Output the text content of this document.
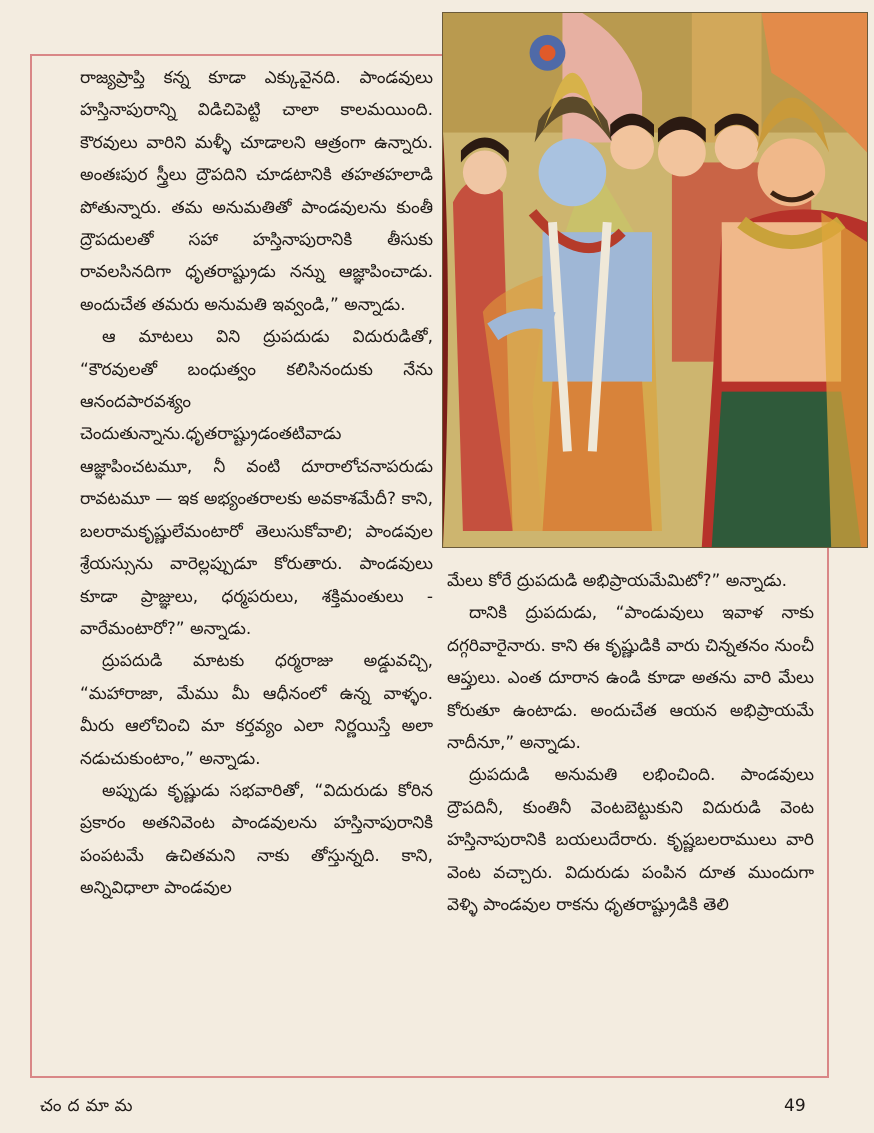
రాజ్యప్రాప్తి కన్న కూడా ఎక్కువైనది. పాండవులు హస్తినాపురాన్ని విడిచిపెట్టి చాలా కాలమయింది. కౌరవులు వారిని మళ్ళీ చూడాలని ఆత్రంగా ఉన్నారు. అంతఃపుర స్త్రీలు ద్రౌపదిని చూడటానికి తహతహలాడి పోతున్నారు. తమ అనుమతితో పాండవులను కుంతీ ద్రౌపదులతో సహా హస్తినాపురానికి తీసుకు రావలసినదిగా ధృతరాష్ట్రుడు నన్ను ఆజ్ఞాపించాడు. అందుచేత తమరు అనుమతి ఇవ్వండి,” అన్నాడు.

ఆ మాటలు విని ద్రుపదుడు విదురుడితో, “కౌరవులతో బంధుత్వం కలిసినందుకు నేను ఆనందపారవశ్యం చెందుతున్నాను.ధృతరాష్ట్రుడంతటివాడు ఆజ్ఞాపించటమూ, నీ వంటి దూరాలోచనాపరుడు రావటమూ — ఇక అభ్యంతరాలకు అవకాశమేదీ? కాని, బలరామకృష్ణులేమంటారో తెలుసుకోవాలి; పాండవుల శ్రేయస్సును వారెల్లప్పుడూ కోరుతారు. పాండవులు కూడా ప్రాజ్ఞులు, ధర్మపరులు, శక్తిమంతులు - వారేమంటారో?” అన్నాడు.

ద్రుపదుడి మాటకు ధర్మరాజు అడ్డువచ్చి, “మహారాజా, మేము మీ ఆధీనంలో ఉన్న వాళ్ళం. మీరు ఆలోచించి మా కర్తవ్యం ఎలా నిర్ణయిస్తే అలా నడుచుకుంటాం,” అన్నాడు.

అప్పుడు కృష్ణుడు సభవారితో, “విదురుడు కోరిన ప్రకారం అతనివెంట పాండవులను హస్తినాపురానికి పంపటమే ఉచితమని నాకు తోస్తున్నది. కాని, అన్నివిధాలా పాండవుల

మేలు కోరే ద్రుపదుడి అభిప్రాయమేమిటో?” అన్నాడు.

దానికి ద్రుపదుడు, “పాండువులు ఇవాళ నాకు దగ్గరివారైనారు. కాని ఈ కృష్ణుడికి వారు చిన్నతనం నుంచీ ఆప్తులు. ఎంత దూరాన ఉండి కూడా అతను వారి మేలు కోరుతూ ఉంటాడు. అందుచేత ఆయన అభిప్రాయమే నాదీనూ,” అన్నాడు.

ద్రుపదుడి అనుమతి లభించింది. పాండవులు ద్రౌపదినీ, కుంతినీ వెంటబెట్టుకుని విదురుడి వెంట హస్తినాపురానికి బయలుదేరారు. కృష్ణబలరాములు వారి వెంట వచ్చారు. విదురుడు పంపిన దూత ముందుగా వెళ్ళి పాండవుల రాకను ధృతరాష్ట్రుడికి తెలి

చందమామ	49
